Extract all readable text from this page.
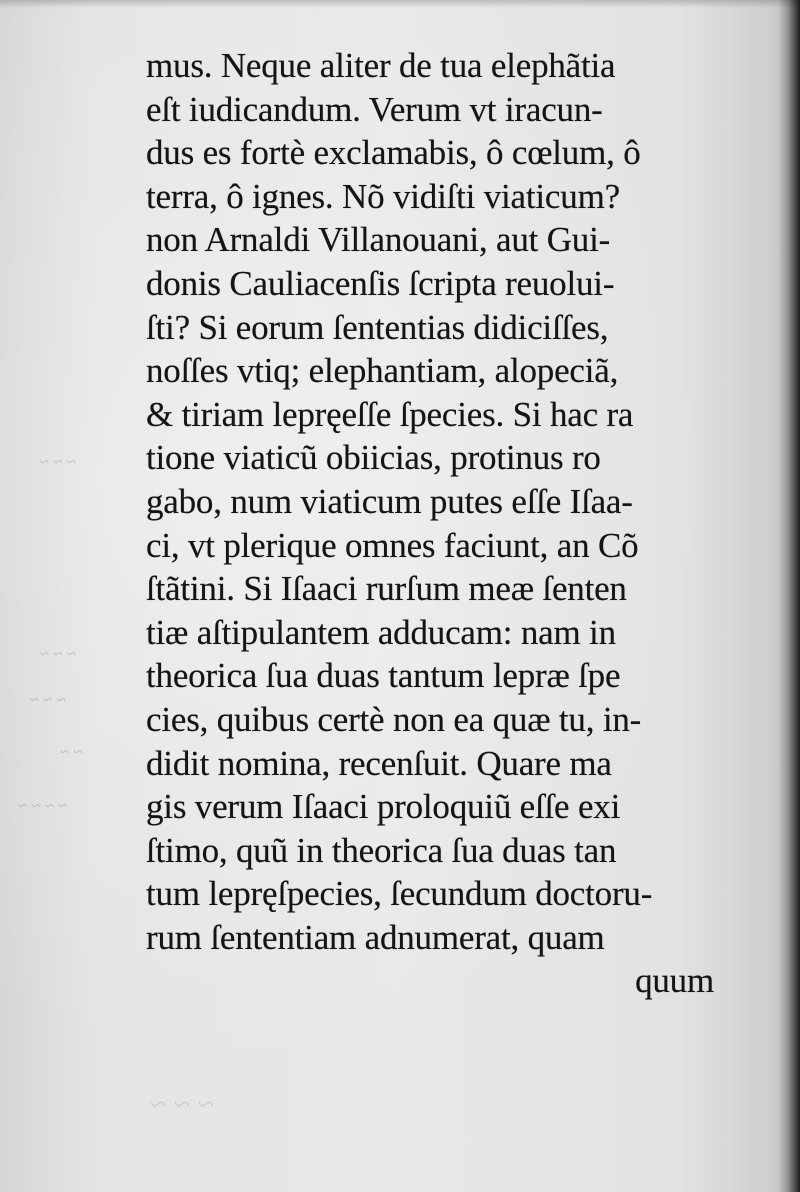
~ ~ ~
~ ~ ~
~ ~ ~
~ ~
~ ~ ~ ~
~ ~ ~
mus. Neque aliter de tua elephãtia
eſt iudicandum. Verum vt iracun-
dus es fortè exclamabis, ô cœlum, ô
terra, ô ignes. Nõ vidiſti viaticum?
non Arnaldi Villanouani, aut Gui-
donis Cauliacenſis ſcripta reuolui-
ſti? Si eorum ſententias didiciſſes,
noſſes vtiq; elephantiam, alopeciã,
& tiriam lepręeſſe ſpecies. Si hac ra
tione viaticũ obiicias, protinus ro
gabo, num viaticum putes eſſe Iſaa-
ci, vt plerique omnes faciunt, an Cõ
ſtãtini. Si Iſaaci rurſum meæ ſenten
tiæ aſtipulantem adducam: nam in
theorica ſua duas tantum lepræ ſpe
cies, quibus certè non ea quæ tu, in-
didit nomina, recenſuit. Quare ma
gis verum Iſaaci proloquiũ eſſe exi
ſtimo, quũ in theorica ſua duas tan
tum lepręſpecies, ſecundum doctoru-
rum ſententiam adnumerat, quam
quum
